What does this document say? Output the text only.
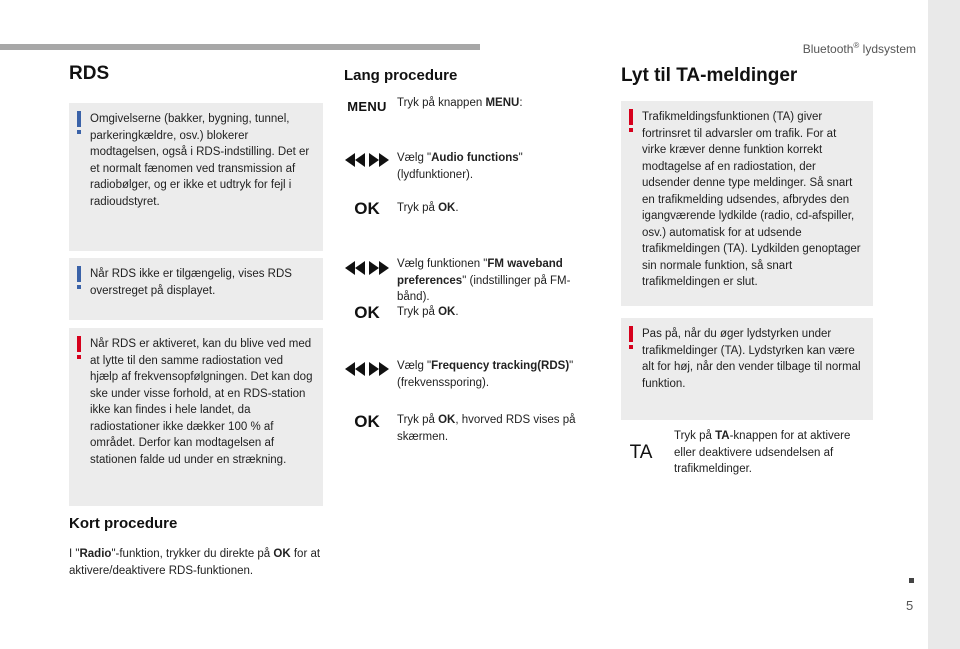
Bluetooth® lydsystem
RDS
Omgivelserne (bakker, bygning, tunnel, parkeringkældre, osv.) blokerer modtagelsen, også i RDS-indstilling. Det er et normalt fænomen ved transmission af radiobølger, og er ikke et udtryk for fejl i radioudstyret.
Når RDS ikke er tilgængelig, vises RDS overstreget på displayet.
Når RDS er aktiveret, kan du blive ved med at lytte til den samme radiostation ved hjælp af frekvensopfølgningen. Det kan dog ske under visse forhold, at en RDS-station ikke kan findes i hele landet, da radiostationer ikke dækker 100 % af området. Derfor kan modtagelsen af stationen falde ud under en strækning.
Kort procedure
I "Radio"-funktion, trykker du direkte på OK for at aktivere/deaktivere RDS-funktionen.
Lang procedure
MENU Tryk på knappen MENU:
Vælg "Audio functions" (lydfunktioner).
OK	Tryk på OK.
Vælg funktionen "FM waveband preferences" (indstillinger på FM-bånd).
OK	Tryk på OK.
Vælg "Frequency tracking(RDS)" (frekvenssporing).
OK	Tryk på OK, hvorved RDS vises på skærmen.
Lyt til TA-meldinger
Trafikmeldingsfunktionen (TA) giver fortrinsret til advarsler om trafik. For at virke kræver denne funktion korrekt modtagelse af en radiostation, der udsender denne type meldinger. Så snart en trafikmelding udsendes, afbrydes den igangværende lydkilde (radio, cd-afspiller, osv.) automatisk for at udsende trafikmeldingen (TA). Lydkilden genoptager sin normale funktion, så snart trafikmeldingen er slut.
Pas på, når du øger lydstyrken under trafikmeldinger (TA). Lydstyrken kan være alt for høj, når den vender tilbage til normal funktion.
TA
Tryk på TA-knappen for at aktivere eller deaktivere udsendelsen af trafikmeldinger.
5
